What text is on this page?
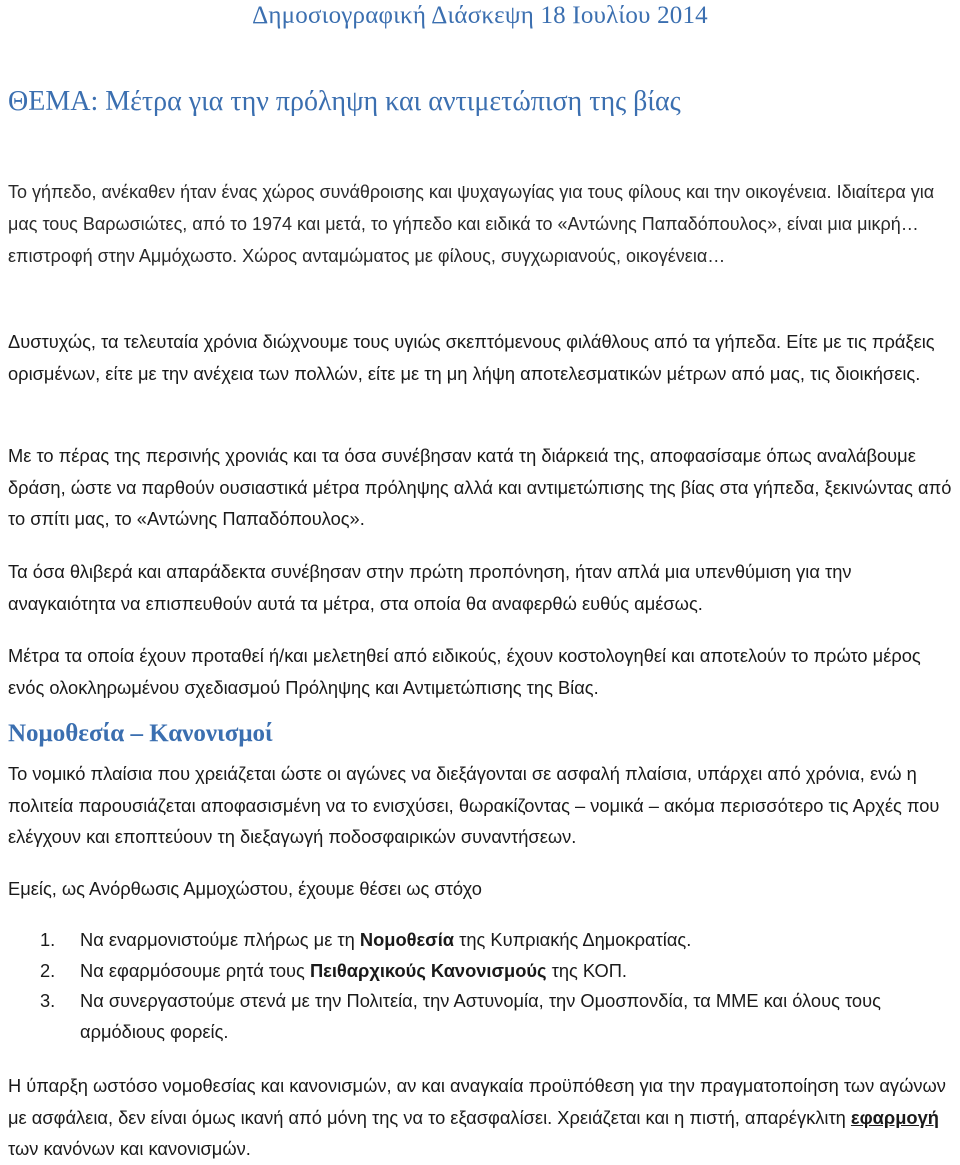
Δημοσιογραφική Διάσκεψη 18 Ιουλίου 2014
ΘΕΜΑ: Μέτρα για την πρόληψη και αντιμετώπιση της βίας

Το γήπεδο, ανέκαθεν ήταν ένας χώρος συνάθροισης και ψυχαγωγίας για τους φίλους και την οικογένεια. Ιδιαίτερα για μας τους Βαρωσιώτες, από το 1974 και μετά, το γήπεδο και ειδικά το «Αντώνης Παπαδόπουλος», είναι μια μικρή… επιστροφή στην Αμμόχωστο. Χώρος ανταμώματος με φίλους, συγχωριανούς, οικογένεια…

Δυστυχώς, τα τελευταία χρόνια διώχνουμε τους υγιώς σκεπτόμενους φιλάθλους από τα γήπεδα. Είτε με τις πράξεις ορισμένων, είτε με την ανέχεια των πολλών, είτε με τη μη λήψη αποτελεσματικών μέτρων από μας, τις διοικήσεις.

Με το πέρας της περσινής χρονιάς και τα όσα συνέβησαν κατά τη διάρκειά της, αποφασίσαμε όπως αναλάβουμε δράση, ώστε να παρθούν ουσιαστικά μέτρα πρόληψης αλλά και αντιμετώπισης της βίας στα γήπεδα, ξεκινώντας από το σπίτι μας, το «Αντώνης Παπαδόπουλος».

Τα όσα θλιβερά και απαράδεκτα συνέβησαν στην πρώτη προπόνηση, ήταν απλά μια υπενθύμιση για την αναγκαιότητα να επισπευθούν αυτά τα μέτρα, στα οποία θα αναφερθώ ευθύς αμέσως.

Μέτρα τα οποία έχουν προταθεί ή/και μελετηθεί από ειδικούς, έχουν κοστολογηθεί και αποτελούν το πρώτο μέρος ενός ολοκληρωμένου σχεδιασμού Πρόληψης και Αντιμετώπισης της Βίας.

Νομοθεσία – Κανονισμοί

Το νομικό πλαίσια που χρειάζεται ώστε οι αγώνες να διεξάγονται σε ασφαλή πλαίσια, υπάρχει από χρόνια, ενώ η πολιτεία παρουσιάζεται αποφασισμένη να το ενισχύσει, θωρακίζοντας – νομικά – ακόμα περισσότερο τις Αρχές που ελέγχουν και εποπτεύουν τη διεξαγωγή ποδοσφαιρικών συναντήσεων.

Εμείς, ως Ανόρθωσις Αμμοχώστου, έχουμε θέσει ως στόχο

1. Να εναρμονιστούμε πλήρως με τη Νομοθεσία της Κυπριακής Δημοκρατίας.
2. Να εφαρμόσουμε ρητά τους Πειθαρχικούς Κανονισμούς της ΚΟΠ.
3. Να συνεργαστούμε στενά με την Πολιτεία, την Αστυνομία, την Ομοσπονδία, τα ΜΜΕ και όλους τους αρμόδιους φορείς.

Η ύπαρξη ωστόσο νομοθεσίας και κανονισμών, αν και αναγκαία προϋπόθεση για την πραγματοποίηση των αγώνων με ασφάλεια, δεν είναι όμως ικανή από μόνη της να το εξασφαλίσει. Χρειάζεται και η πιστή, απαρέγκλιτη εφαρμογή των κανόνων και κανονισμών.
